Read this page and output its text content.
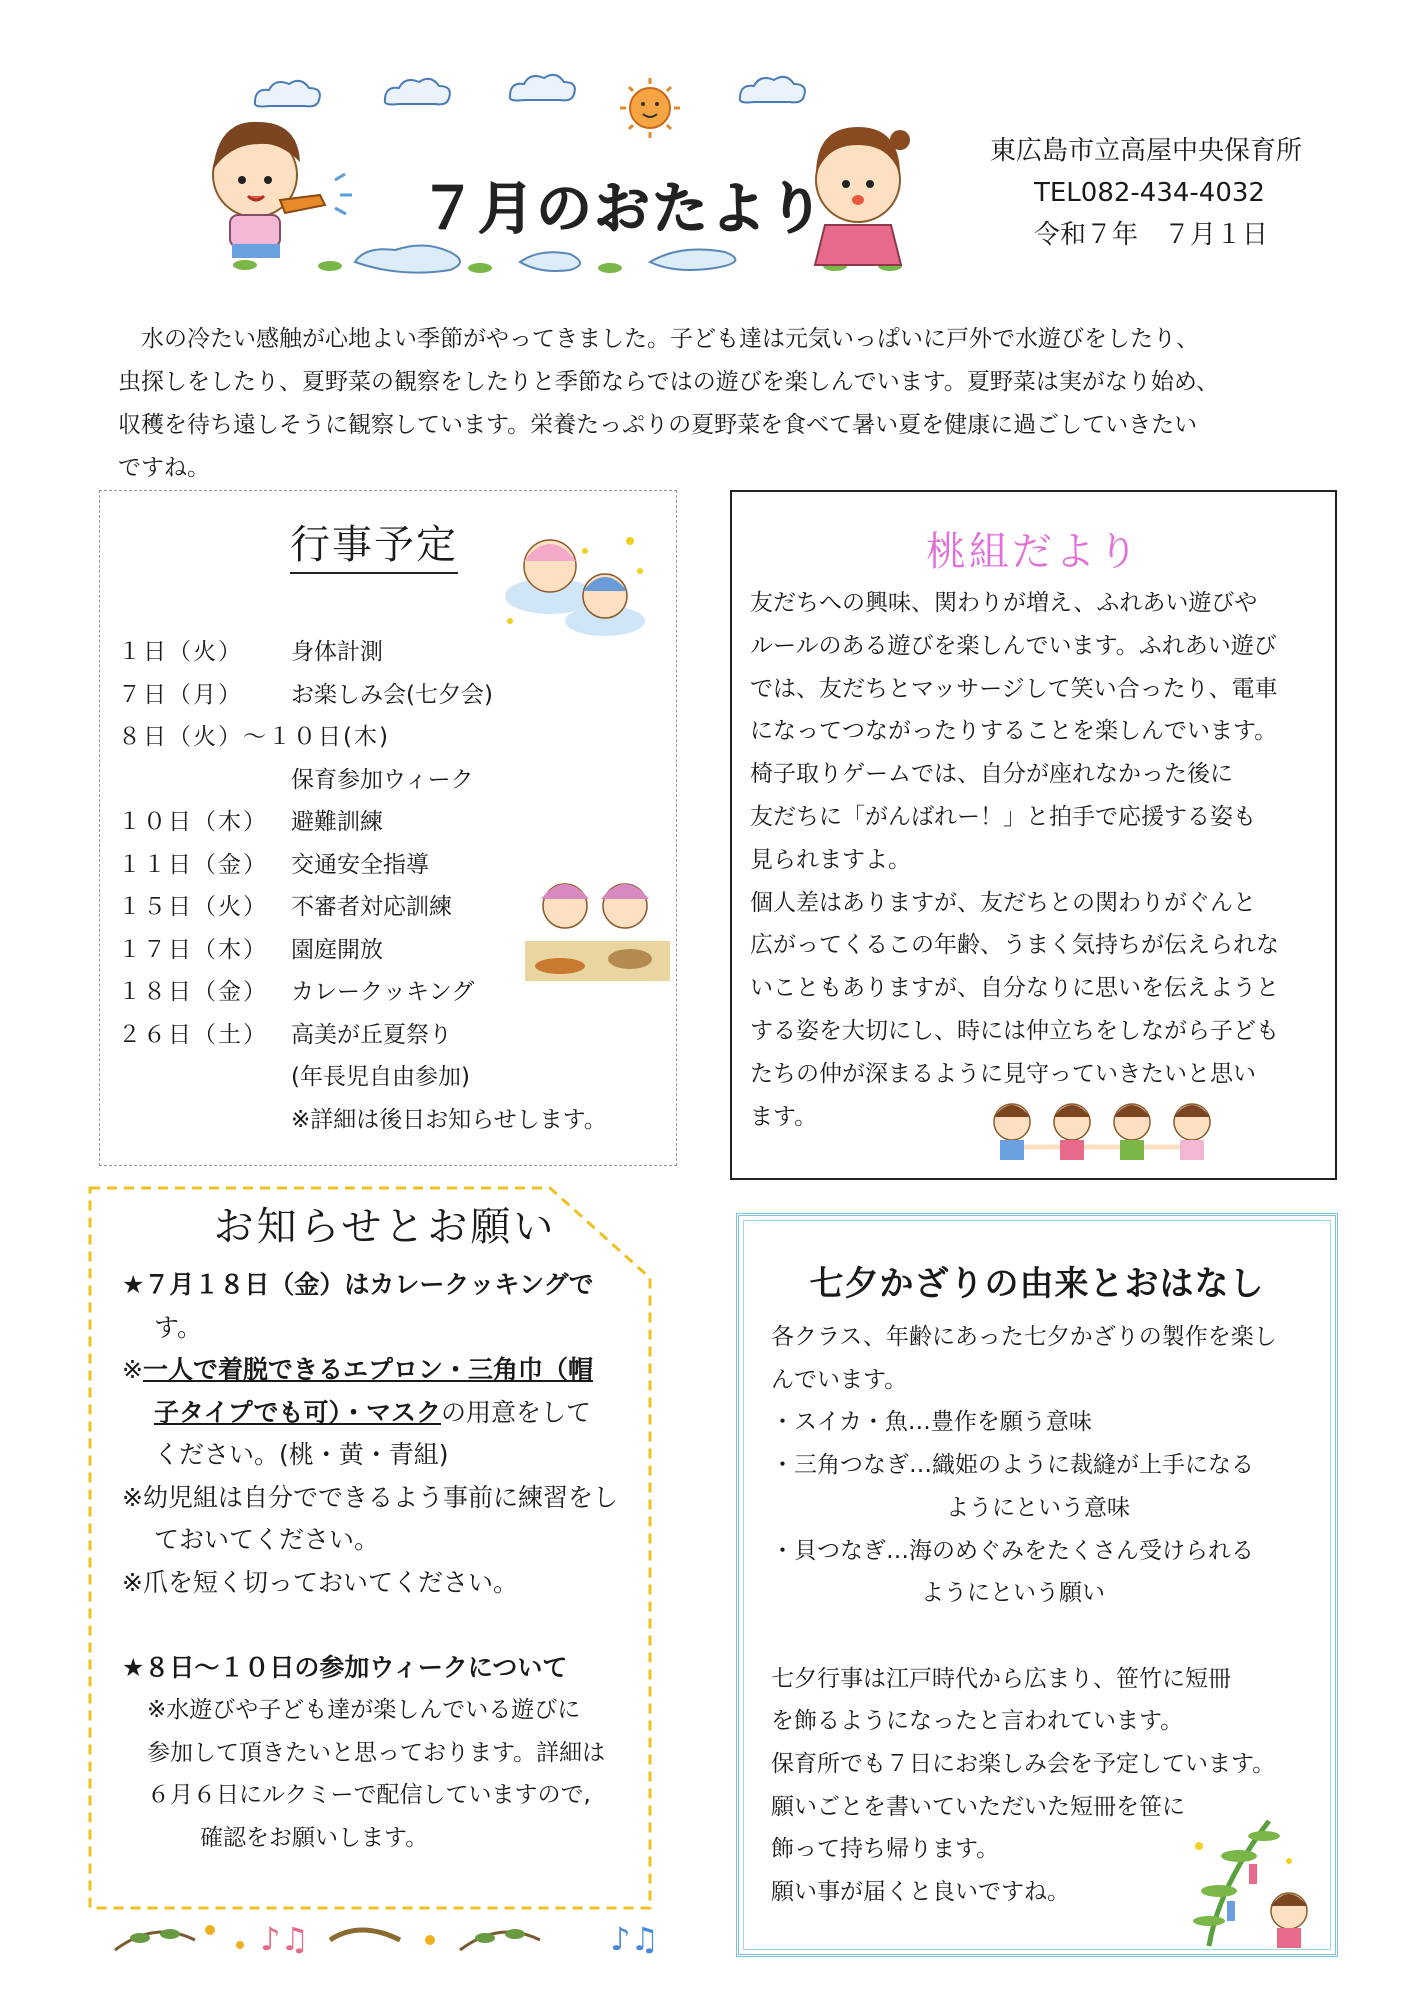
７月のおたより
東広島市立高屋中央保育所
TEL082-434-4032
令和７年　７月１日

水の冷たい感触が心地よい季節がやってきました。子ども達は元気いっぱいに戸外で水遊びをしたり、

虫探しをしたり、夏野菜の観察をしたりと季節ならではの遊びを楽しんでいます。夏野菜は実がなり始め、

収穫を待ち遠しそうに観察しています。栄養たっぷりの夏野菜を食べて暑い夏を健康に過ごしていきたい

ですね。

行事予定
１日（火）	身体計測
７日（月）	お楽しみ会(七夕会)
８日（火）～１０日(木)
保育参加ウィーク
１０日（木）	避難訓練
１１日（金）	交通安全指導
１５日（火）	不審者対応訓練
１７日（木）	園庭開放
１８日（金）	カレークッキング
２６日（土）	高美が丘夏祭り
(年長児自由参加)
※詳細は後日お知らせします。
桃組だより

友だちへの興味、関わりが増え、ふれあい遊びや

ルールのある遊びを楽しんでいます。ふれあい遊び

では、友だちとマッサージして笑い合ったり、電車

になってつながったりすることを楽しんでいます。

椅子取りゲームでは、自分が座れなかった後に

友だちに「がんばれー！」と拍手で応援する姿も

見られますよ。

個人差はありますが、友だちとの関わりがぐんと

広がってくるこの年齢、うまく気持ちが伝えられな

いこともありますが、自分なりに思いを伝えようと

する姿を大切にし、時には仲立ちをしながら子ども

たちの仲が深まるように見守っていきたいと思い

ます。

お知らせとお願い

★７月１８日（金）はカレークッキングで

す。

※一人で着脱できるエプロン・三角巾（帽

子タイプでも可）・マスクの用意をして

ください。(桃・黄・青組)

※幼児組は自分でできるよう事前に練習をし

ておいてください。

※爪を短く切っておいてください。

★８日～１０日の参加ウィークについて

※水遊びや子ども達が楽しんでいる遊びに

参加して頂きたいと思っております。詳細は

６月６日にルクミーで配信していますので,

確認をお願いします。

七夕かざりの由来とおはなし

各クラス、年齢にあった七夕かざりの製作を楽し

んでいます。

・スイカ・魚…豊作を願う意味

・三角つなぎ…織姫のように裁縫が上手になる

ようにという意味

・貝つなぎ…海のめぐみをたくさん受けられる

ようにという願い

七夕行事は江戸時代から広まり、笹竹に短冊

を飾るようになったと言われています。

保育所でも７日にお楽しみ会を予定しています。

願いごとを書いていただいた短冊を笹に

飾って持ち帰ります。

願い事が届くと良いですね。

♪♫	♪♫
